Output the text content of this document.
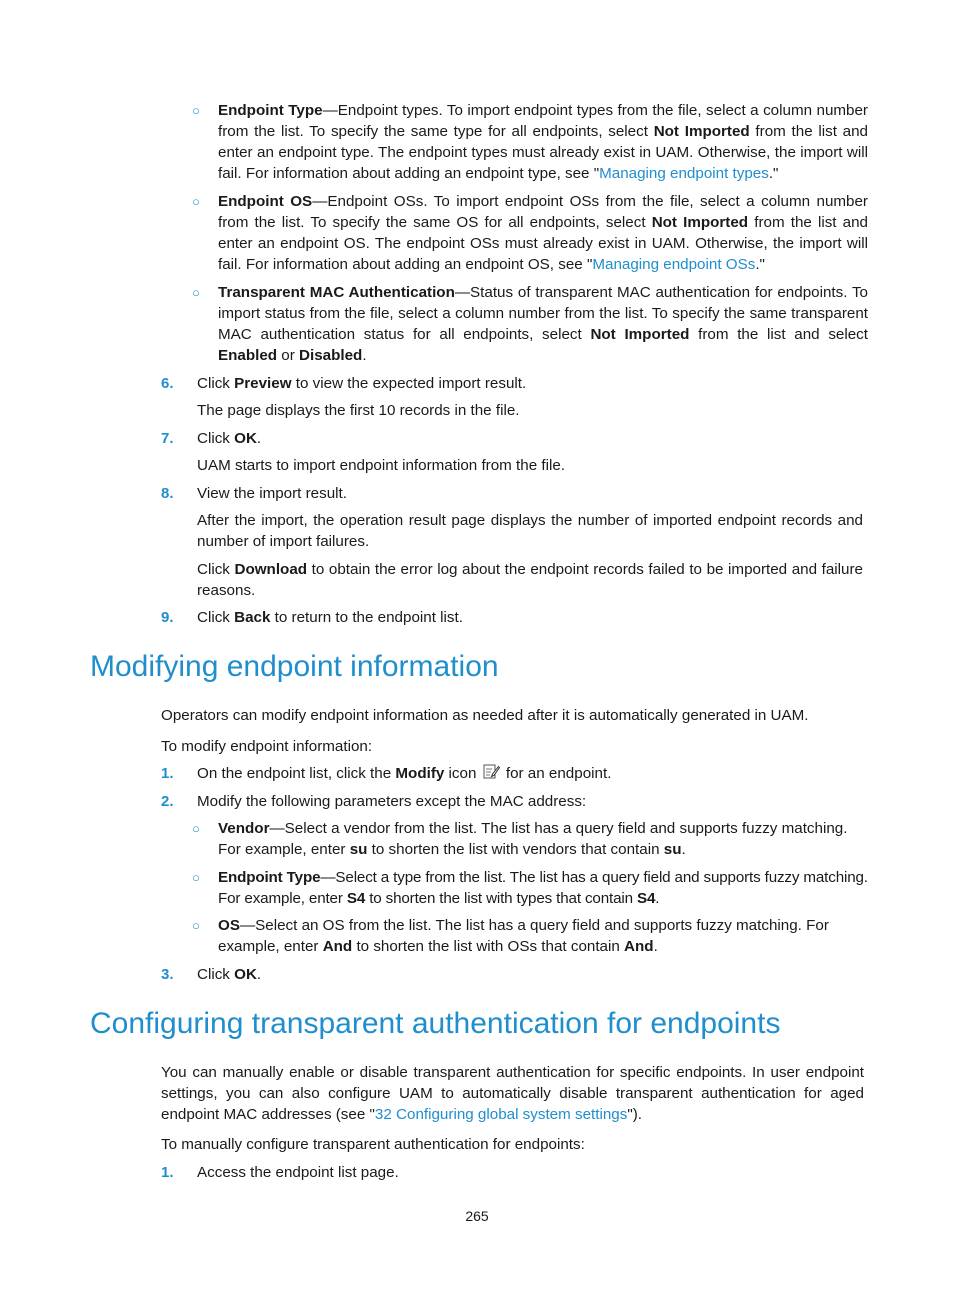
○ Endpoint Type—Endpoint types. To import endpoint types from the file, select a column number from the list. To specify the same type for all endpoints, select Not Imported from the list and enter an endpoint type. The endpoint types must already exist in UAM. Otherwise, the import will fail. For information about adding an endpoint type, see "Managing endpoint types."
○ Endpoint OS—Endpoint OSs. To import endpoint OSs from the file, select a column number from the list. To specify the same OS for all endpoints, select Not Imported from the list and enter an endpoint OS. The endpoint OSs must already exist in UAM. Otherwise, the import will fail. For information about adding an endpoint OS, see "Managing endpoint OSs."
○ Transparent MAC Authentication—Status of transparent MAC authentication for endpoints. To import status from the file, select a column number from the list. To specify the same transparent MAC authentication status for all endpoints, select Not Imported from the list and select Enabled or Disabled.
6. Click Preview to view the expected import result.
The page displays the first 10 records in the file.
7. Click OK.
UAM starts to import endpoint information from the file.
8. View the import result.
After the import, the operation result page displays the number of imported endpoint records and number of import failures.
Click Download to obtain the error log about the endpoint records failed to be imported and failure reasons.
9. Click Back to return to the endpoint list.
Modifying endpoint information
Operators can modify endpoint information as needed after it is automatically generated in UAM.
To modify endpoint information:
1. On the endpoint list, click the Modify icon  for an endpoint.
2. Modify the following parameters except the MAC address:
○ Vendor—Select a vendor from the list. The list has a query field and supports fuzzy matching. For example, enter su to shorten the list with vendors that contain su.
○ Endpoint Type—Select a type from the list. The list has a query field and supports fuzzy matching. For example, enter S4 to shorten the list with types that contain S4.
○ OS—Select an OS from the list. The list has a query field and supports fuzzy matching. For example, enter And to shorten the list with OSs that contain And.
3. Click OK.
Configuring transparent authentication for endpoints
You can manually enable or disable transparent authentication for specific endpoints. In user endpoint settings, you can also configure UAM to automatically disable transparent authentication for aged endpoint MAC addresses (see "32 Configuring global system settings").
To manually configure transparent authentication for endpoints:
1. Access the endpoint list page.
265
